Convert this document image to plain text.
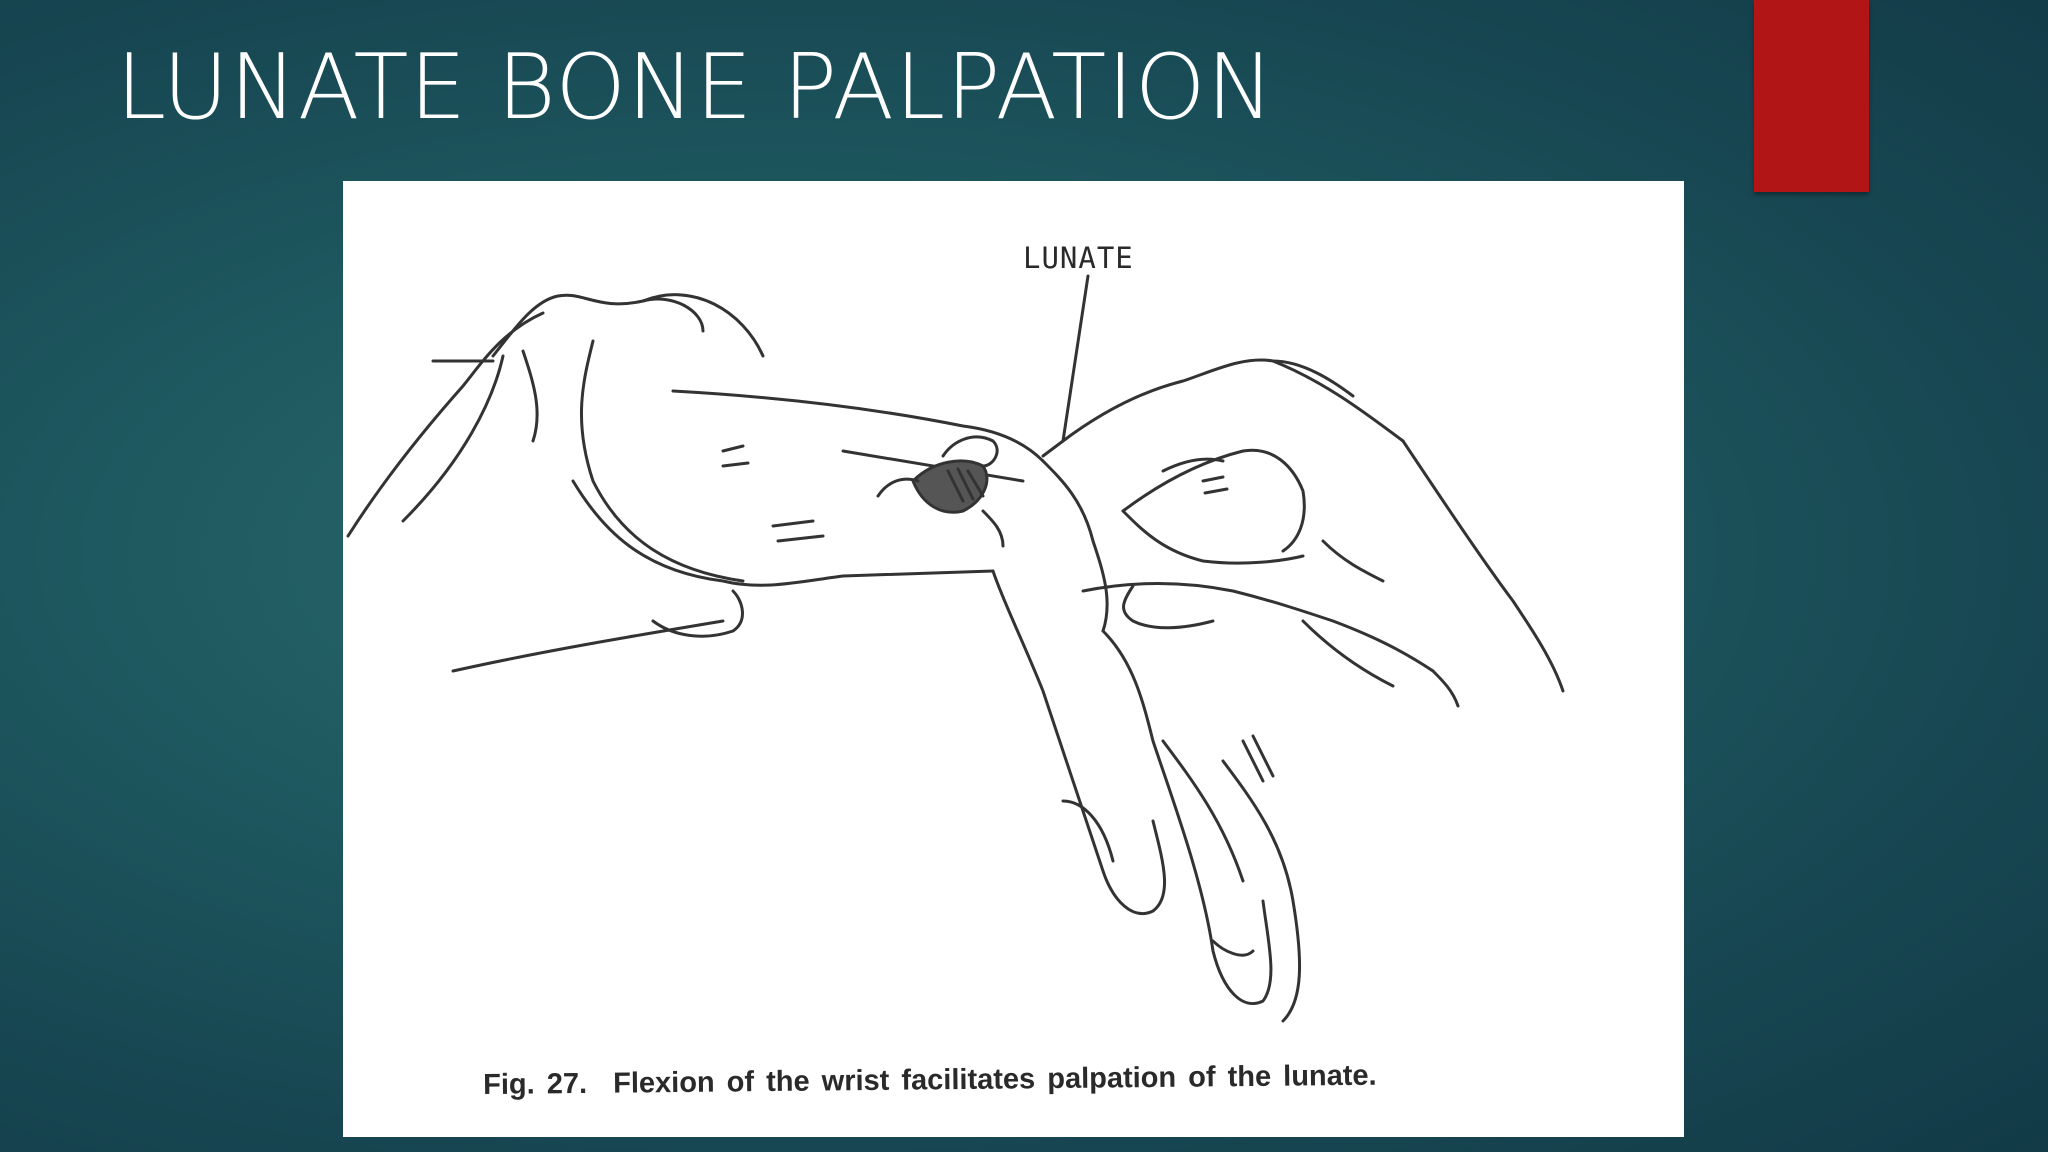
LUNATE BONE PALPATION
LUNATE
Fig. 27. Flexion of the wrist facilitates palpation of the lunate.
